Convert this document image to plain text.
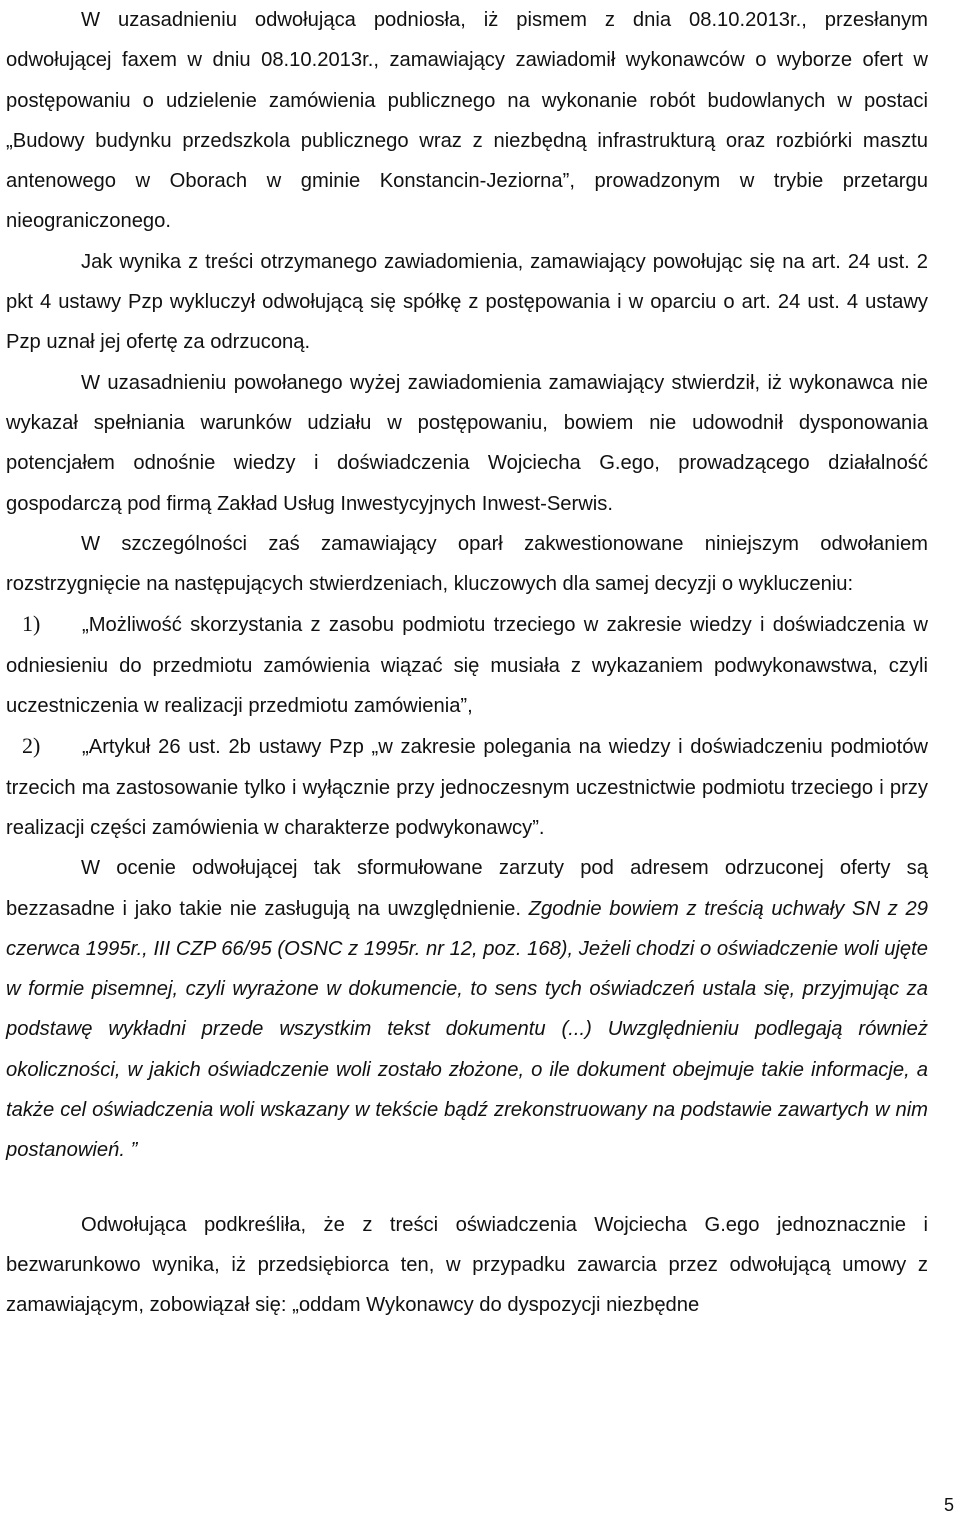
W uzasadnieniu odwołująca podniosła, iż pismem z dnia 08.10.2013r., przesłanym odwołującej faxem w dniu 08.10.2013r., zamawiający zawiadomił wykonawców o wyborze ofert w postępowaniu o udzielenie zamówienia publicznego na wykonanie robót budowlanych w postaci „Budowy budynku przedszkola publicznego wraz z niezbędną infrastrukturą oraz rozbiórki masztu antenowego w Oborach w gminie Konstancin-Jeziorna”, prowadzonym w trybie przetargu nieograniczonego.

Jak wynika z treści otrzymanego zawiadomienia, zamawiający powołując się na art. 24 ust. 2 pkt 4 ustawy Pzp wykluczył odwołującą się spółkę z postępowania i w oparciu o art. 24 ust. 4 ustawy Pzp uznał jej ofertę za odrzuconą.

W uzasadnieniu powołanego wyżej zawiadomienia zamawiający stwierdził, iż wykonawca nie wykazał spełniania warunków udziału w postępowaniu, bowiem nie udowodnił dysponowania potencjałem odnośnie wiedzy i doświadczenia Wojciecha G.ego, prowadzącego działalność gospodarczą pod firmą Zakład Usług Inwestycyjnych Inwest-Serwis.

W szczególności zaś zamawiający oparł zakwestionowane niniejszym odwołaniem rozstrzygnięcie na następujących stwierdzeniach, kluczowych dla samej decyzji o wykluczeniu:

1) „Możliwość skorzystania z zasobu podmiotu trzeciego w zakresie wiedzy i doświadczenia w odniesieniu do przedmiotu zamówienia wiązać się musiała z wykazaniem podwykonawstwa, czyli uczestniczenia w realizacji przedmiotu zamówienia”,

2) „Artykuł 26 ust. 2b ustawy Pzp „w zakresie polegania na wiedzy i doświadczeniu podmiotów trzecich ma zastosowanie tylko i wyłącznie przy jednoczesnym uczestnictwie podmiotu trzeciego i przy realizacji części zamówienia w charakterze podwykonawcy”.

W ocenie odwołującej tak sformułowane zarzuty pod adresem odrzuconej oferty są bezzasadne i jako takie nie zasługują na uwzględnienie. Zgodnie bowiem z treścią uchwały SN z 29 czerwca 1995r., III CZP 66/95 (OSNC z 1995r. nr 12, poz. 168), Jeżeli chodzi o oświadczenie woli ujęte w formie pisemnej, czyli wyrażone w dokumencie, to sens tych oświadczeń ustala się, przyjmując za podstawę wykładni przede wszystkim tekst dokumentu (...) Uwzględnieniu podlegają również okoliczności, w jakich oświadczenie woli zostało złożone, o ile dokument obejmuje takie informacje, a także cel oświadczenia woli wskazany w tekście bądź zrekonstruowany na podstawie zawartych w nim postanowień. ”

Odwołująca podkreśliła, że z treści oświadczenia Wojciecha G.ego jednoznacznie i bezwarunkowo wynika, iż przedsiębiorca ten, w przypadku zawarcia przez odwołującą umowy z zamawiającym, zobowiązał się: „oddam Wykonawcy do dyspozycji niezbędne

5
